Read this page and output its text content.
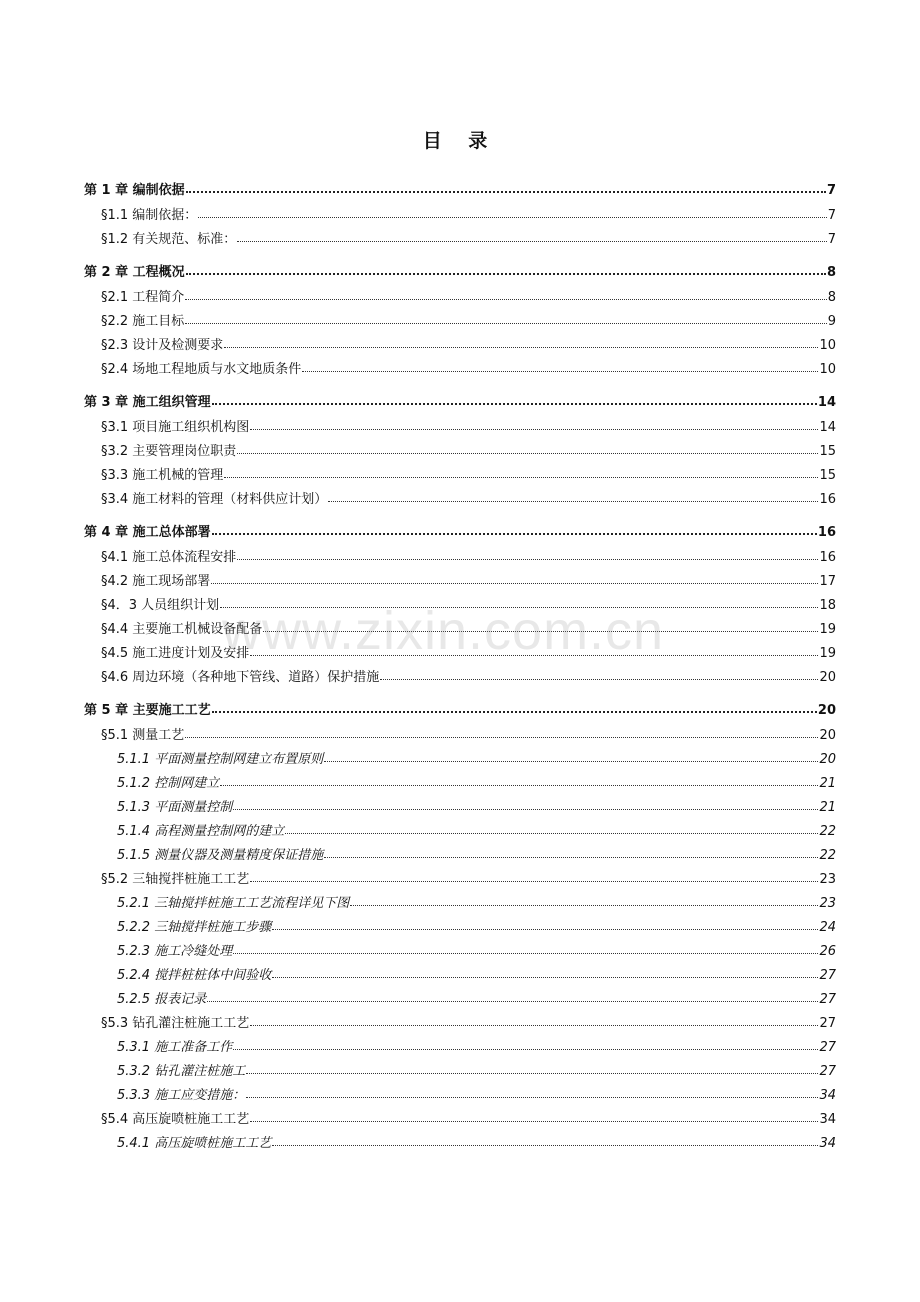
目 录
第 1 章 编制依据	7
§1.1 编制依据：	7
§1.2 有关规范、标准：	7
第 2 章 工程概况	8
§2.1 工程简介	8
§2.2 施工目标	9
§2.3 设计及检测要求	10
§2.4 场地工程地质与水文地质条件	10
第 3 章 施工组织管理	14
§3.1 项目施工组织机构图	14
§3.2 主要管理岗位职责	15
§3.3 施工机械的管理	15
§3.4 施工材料的管理（材料供应计划）	16
第 4 章 施工总体部署	16
§4.1 施工总体流程安排	16
§4.2 施工现场部署	17
§4．3 人员组织计划	18
§4.4 主要施工机械设备配备	19
§4.5 施工进度计划及安排	19
§4.6 周边环境（各种地下管线、道路）保护措施	20
第 5 章 主要施工工艺	20
§5.1 测量工艺	20
5.1.1 平面测量控制网建立布置原则	20
5.1.2 控制网建立	21
5.1.3 平面测量控制	21
5.1.4 高程测量控制网的建立	22
5.1.5 测量仪器及测量精度保证措施	22
§5.2 三轴搅拌桩施工工艺	23
5.2.1 三轴搅拌桩施工工艺流程详见下图	23
5.2.2 三轴搅拌桩施工步骤	24
5.2.3 施工冷缝处理	26
5.2.4 搅拌桩桩体中间验收	27
5.2.5 报表记录	27
§5.3 钻孔灌注桩施工工艺	27
5.3.1 施工准备工作	27
5.3.2 钻孔灌注桩施工	27
5.3.3 施工应变措施：	34
§5.4 高压旋喷桩施工工艺	34
5.4.1 高压旋喷桩施工工艺	34
www.zixin.com.cn
